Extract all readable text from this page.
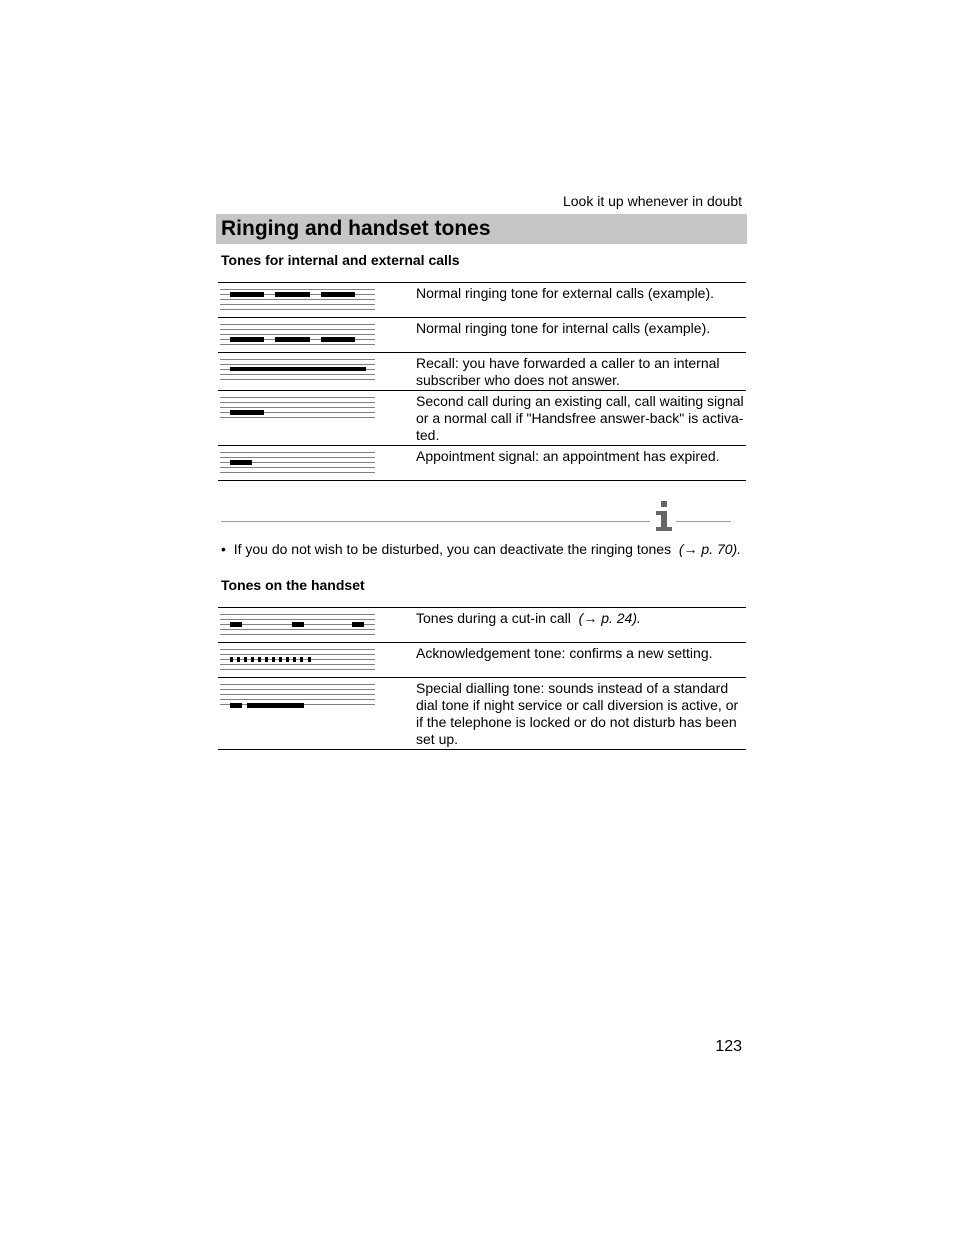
Look it up whenever in doubt
Ringing and handset tones
Tones for internal and external calls
Normal ringing tone for external calls (example).
Normal ringing tone for internal calls (example).
Recall: you have forwarded a caller to an internal subscriber who does not answer.
Second call during an existing call, call waiting signal or a normal call if "Handsfree answer-back" is activa-ted.
Appointment signal: an appointment has expired.
• If you do not wish to be disturbed, you can deactivate the ringing tones (→ p. 70).
Tones on the handset
Tones during a cut-in call (→ p. 24).
Acknowledgement tone: confirms a new setting.
Special dialling tone: sounds instead of a standard dial tone if night service or call diversion is active, or if the telephone is locked or do not disturb has been set up.
123
